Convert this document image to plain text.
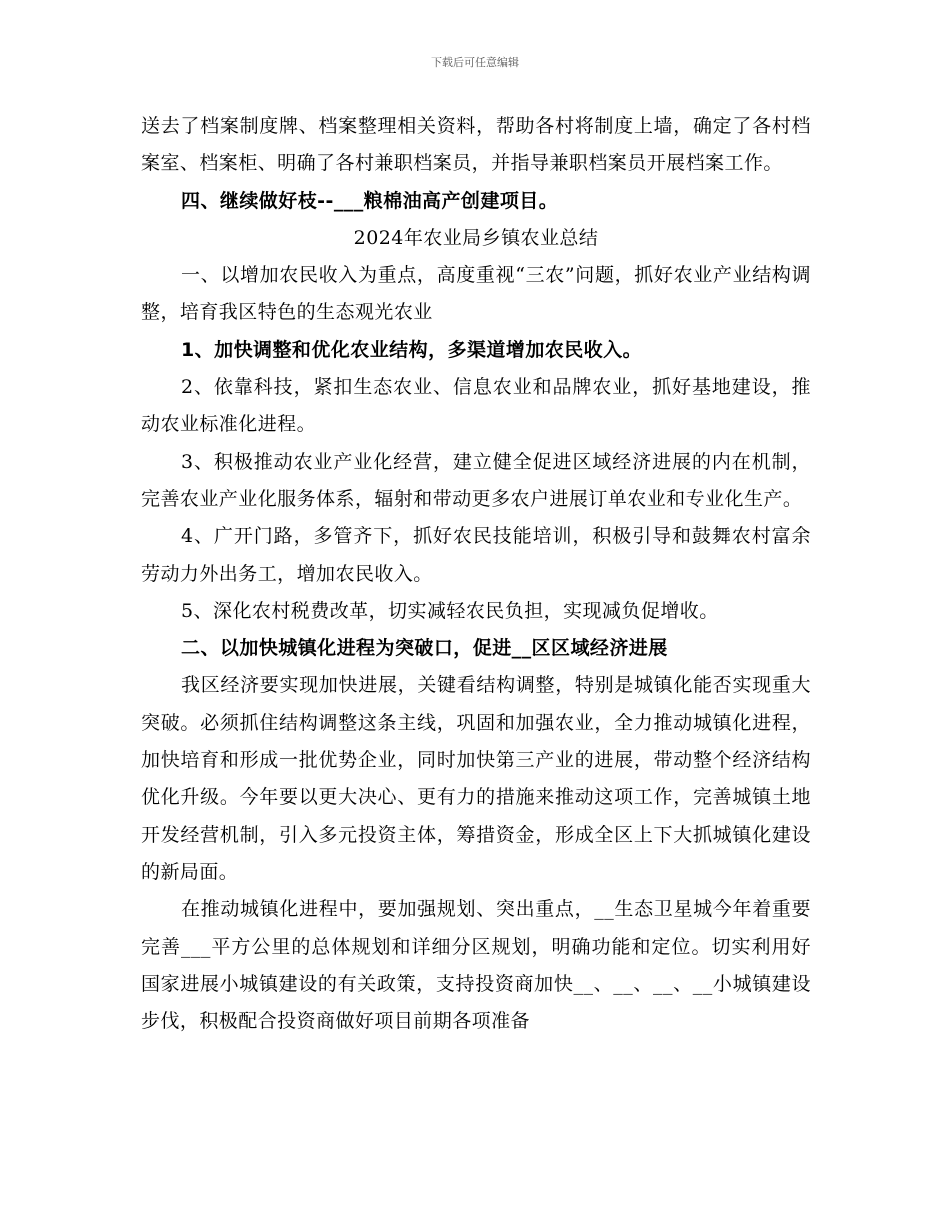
下载后可任意编辑

送去了档案制度牌、档案整理相关资料，帮助各村将制度上墙，确定了各村档案室、档案柜、明确了各村兼职档案员，并指导兼职档案员开展档案工作。

四、继续做好枝--___粮棉油高产创建项目。

2024年农业局乡镇农业总结

一、以增加农民收入为重点，高度重视“三农”问题，抓好农业产业结构调整，培育我区特色的生态观光农业

1、加快调整和优化农业结构，多渠道增加农民收入。

2、依靠科技，紧扣生态农业、信息农业和品牌农业，抓好基地建设，推动农业标准化进程。

3、积极推动农业产业化经营，建立健全促进区域经济进展的内在机制，完善农业产业化服务体系，辐射和带动更多农户进展订单农业和专业化生产。

4、广开门路，多管齐下，抓好农民技能培训，积极引导和鼓舞农村富余劳动力外出务工，增加农民收入。

5、深化农村税费改革，切实减轻农民负担，实现减负促增收。

二、以加快城镇化进程为突破口，促进__区区域经济进展

我区经济要实现加快进展，关键看结构调整，特别是城镇化能否实现重大突破。必须抓住结构调整这条主线，巩固和加强农业，全力推动城镇化进程，加快培育和形成一批优势企业，同时加快第三产业的进展，带动整个经济结构优化升级。今年要以更大决心、更有力的措施来推动这项工作，完善城镇土地开发经营机制，引入多元投资主体，筹措资金，形成全区上下大抓城镇化建设的新局面。

在推动城镇化进程中，要加强规划、突出重点，__生态卫星城今年着重要完善___平方公里的总体规划和详细分区规划，明确功能和定位。切实利用好国家进展小城镇建设的有关政策，支持投资商加快__、__、__、__小城镇建设步伐，积极配合投资商做好项目前期各项准备
